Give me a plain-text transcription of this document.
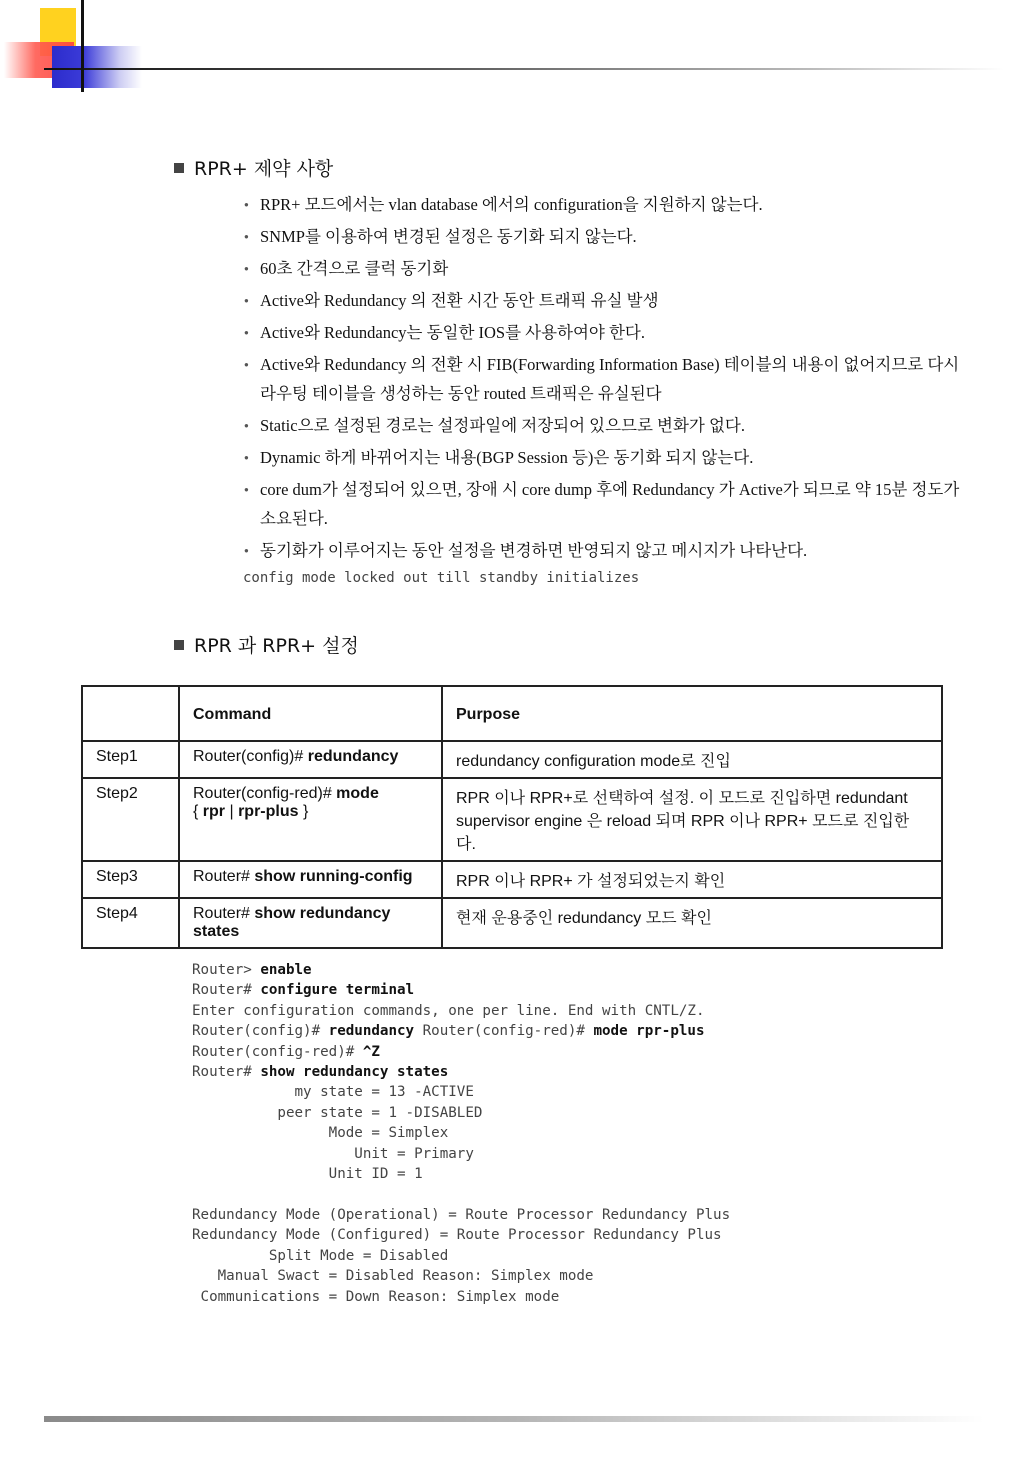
RPR+ 제약 사항
● RPR+ 모드에서는 vlan database 에서의 configuration을 지원하지 않는다.
● SNMP를 이용하여 변경된 설정은 동기화 되지 않는다.
● 60초 간격으로 클럭 동기화
● Active와 Redundancy 의 전환 시간 동안 트래픽 유실 발생
● Active와 Redundancy는 동일한 IOS를 사용하여야 한다.
● Active와 Redundancy 의 전환 시 FIB(Forwarding Information Base) 테이블의 내용이 없어지므로 다시 라우팅 테이블을 생성하는 동안 routed 트래픽은 유실된다
● Static으로 설정된 경로는 설정파일에 저장되어 있으므로 변화가 없다.
● Dynamic 하게 바뀌어지는 내용(BGP Session 등)은 동기화 되지 않는다.
● core dum가 설정되어 있으면, 장애 시 core dump 후에 Redundancy 가 Active가 되므로 약 15분 정도가 소요된다.
● 동기화가 이루어지는 동안 설정을 변경하면 반영되지 않고 메시지가 나타난다.
config mode locked out till standby initializes
RPR 과 RPR+ 설정
	Command	Purpose
Step1	Router(config)# redundancy	redundancy configuration mode로 진입
Step2	Router(config-red)# mode
{ rpr | rpr-plus }	RPR 이나 RPR+로 선택하여 설정. 이 모드로 진입하면 redundant supervisor engine 은 reload 되며 RPR 이나 RPR+ 모드로 진입한다.
Step3	Router# show running-config	RPR 이나 RPR+ 가 설정되었는지 확인
Step4	Router# show redundancy states	현재 운용중인 redundancy 모드 확인
Router> enable
Router# configure terminal
Enter configuration commands, one per line. End with CNTL/Z.
Router(config)# redundancy Router(config-red)# mode rpr-plus
Router(config-red)# ^Z
Router# show redundancy states
my state = 13 -ACTIVE
peer state = 1 -DISABLED
Mode = Simplex
Unit = Primary
Unit ID = 1

Redundancy Mode (Operational) = Route Processor Redundancy Plus
Redundancy Mode (Configured) = Route Processor Redundancy Plus
Split Mode = Disabled
Manual Swact = Disabled Reason: Simplex mode
Communications = Down Reason: Simplex mode
